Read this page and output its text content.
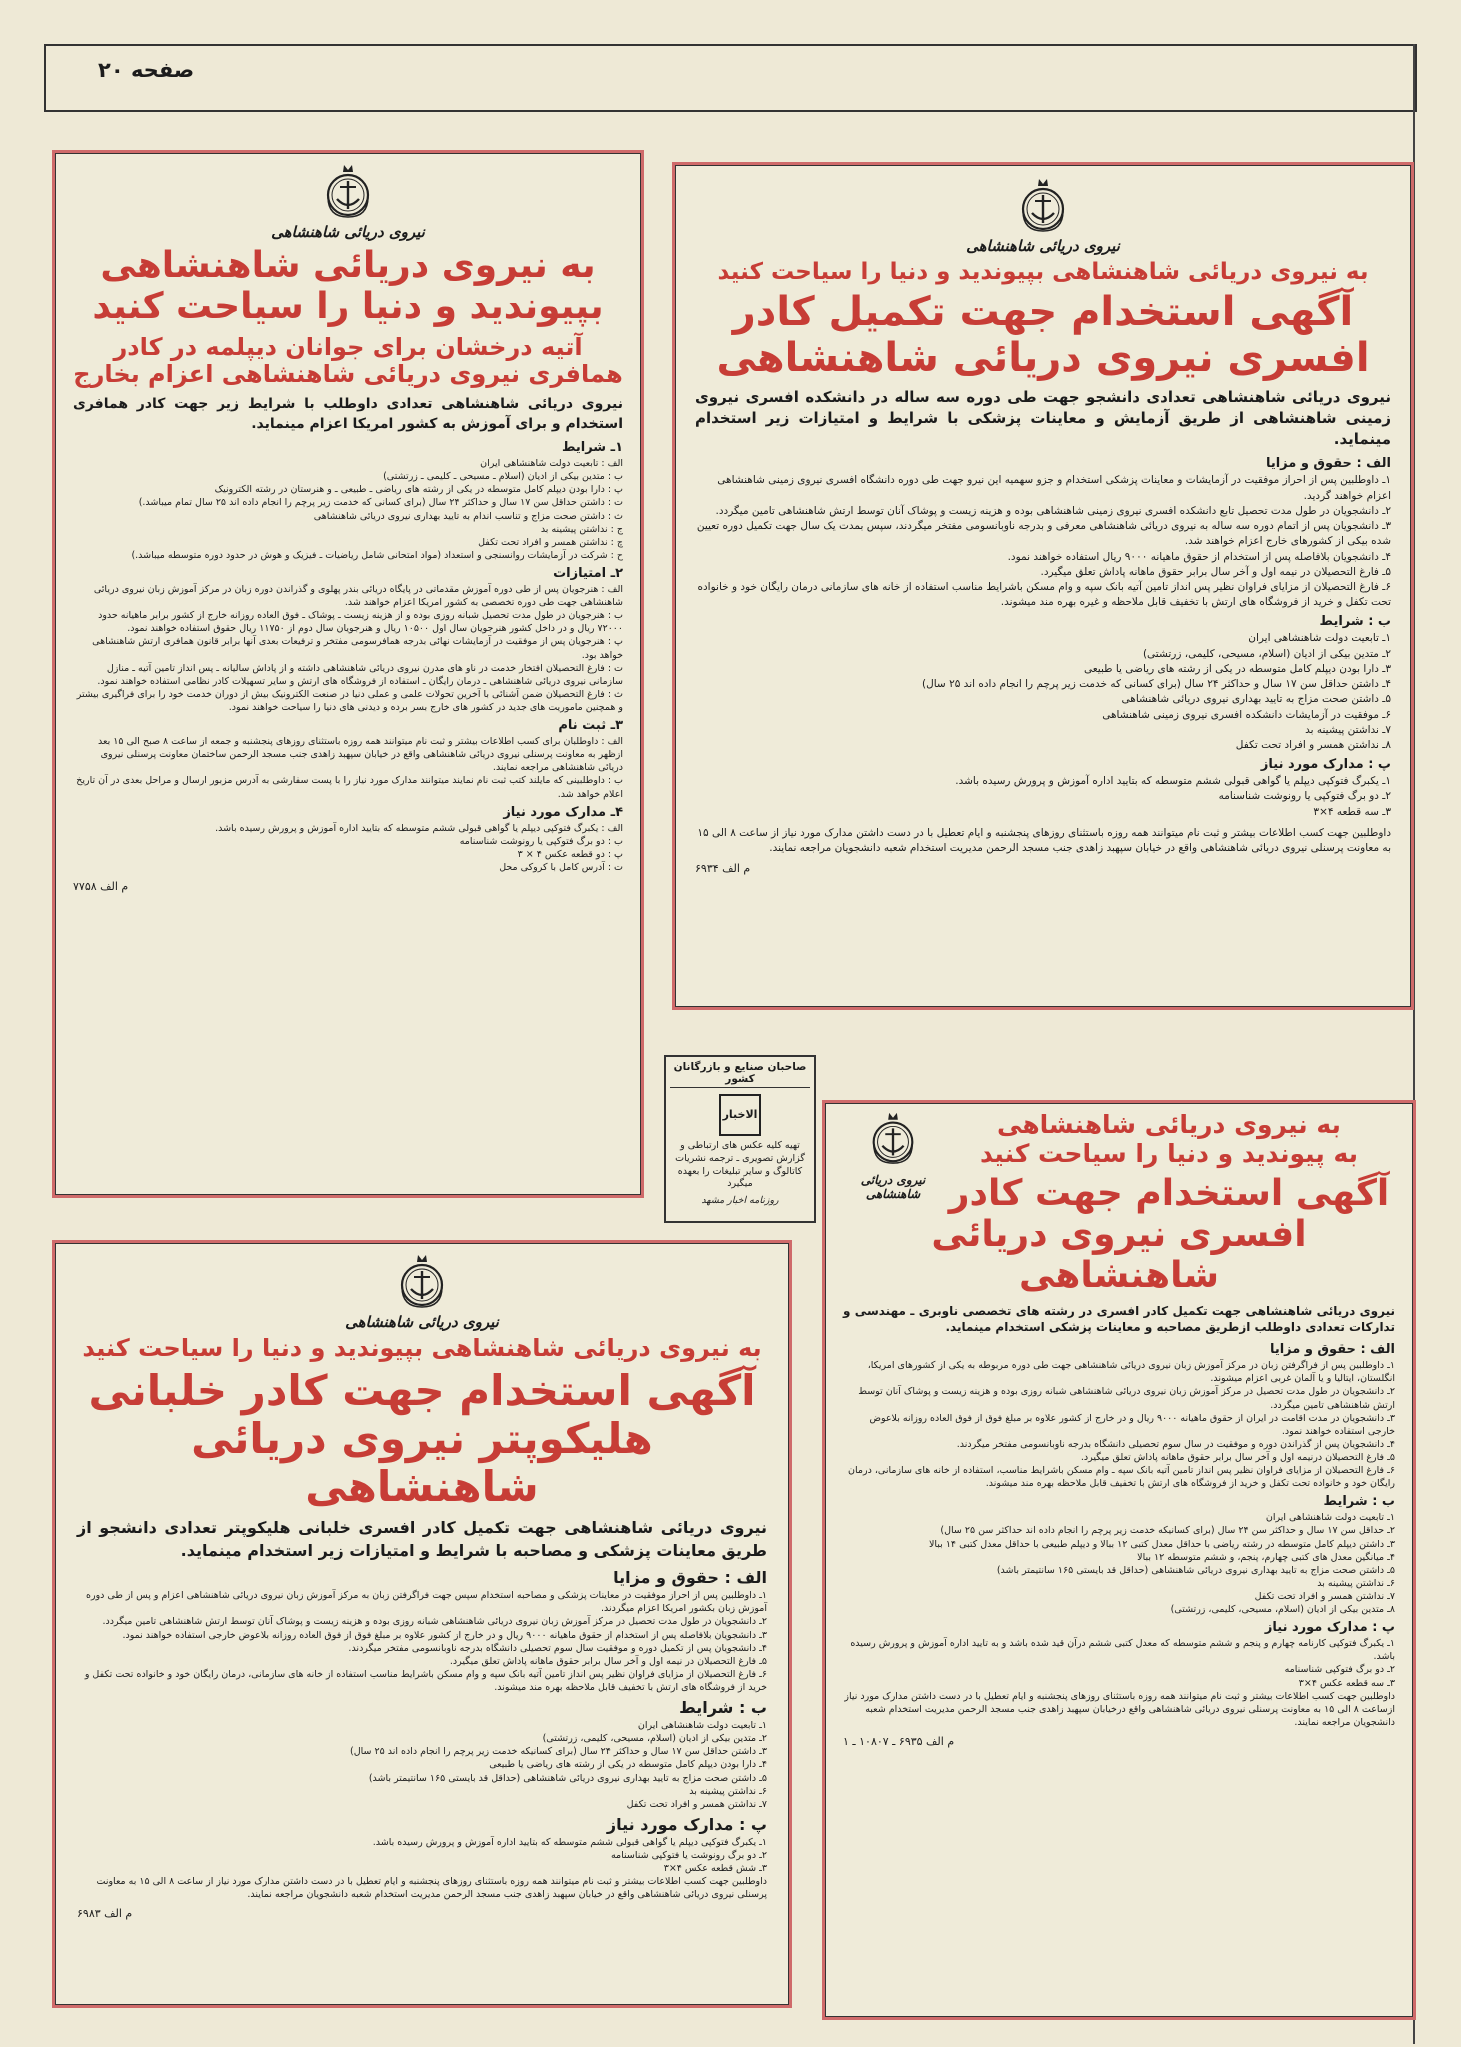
صفحه ۲۰
نیروی دریائی شاهنشاهی
به نیروی دریائی شاهنشاهی بپیوندید و دنیا را سیاحت کنید
آگهی استخدام جهت تکمیل کادر
افسری نیروی دریائی شاهنشاهی

نیروی دریائی شاهنشاهی تعدادی دانشجو جهت طی دوره سه ساله در دانشکده افسری نیروی زمینی شاهنشاهی از طریق آزمایش و معاینات پزشکی با شرایط و امتیازات زیر استخدام مینماید.

الف : حقوق و مزایا

۱ـ داوطلبین پس از احراز موفقیت در آزمایشات و معاینات پزشکی استخدام و جزو سهمیه این نیرو جهت طی دوره دانشگاه افسری نیروی زمینی شاهنشاهی اعزام خواهند گردید.

۲ـ دانشجویان در طول مدت تحصیل تابع دانشکده افسری نیروی زمینی شاهنشاهی بوده و هزینه زیست و پوشاک آنان توسط ارتش شاهنشاهی تامین میگردد.

۳ـ دانشجویان پس از اتمام دوره سه ساله به نیروی دریائی شاهنشاهی معرفی و بدرجه ناوبانسومی مفتخر میگردند، سپس بمدت یک سال جهت تکمیل دوره تعیین شده بیکی از کشورهای خارج اعزام خواهند شد.

۴ـ دانشجویان بلافاصله پس از استخدام از حقوق ماهیانه ۹۰۰۰ ریال استفاده خواهند نمود.

۵ـ فارغ التحصیلان در نیمه اول و آخر سال برابر حقوق ماهانه پاداش تعلق میگیرد.

۶ـ فارغ التحصیلان از مزایای فراوان نظیر پس انداز تامین آتیه بانک سپه و وام مسکن باشرایط مناسب استفاده از خانه های سازمانی درمان رایگان خود و خانواده تحت تکفل و خرید از فروشگاه های ارتش با تخفیف قابل ملاحظه و غیره بهره مند میشوند.

ب : شرایط

۱ـ تابعیت دولت شاهنشاهی ایران

۲ـ متدین بیکی از ادیان (اسلام، مسیحی، کلیمی، زرتشتی)

۳ـ دارا بودن دیپلم کامل متوسطه در یکی از رشته های ریاضی یا طبیعی

۴ـ داشتن حداقل سن ۱۷ سال و حداکثر ۲۴ سال (برای کسانی که خدمت زیر پرچم را انجام داده اند ۲۵ سال)

۵ـ داشتن صحت مزاج به تایید بهداری نیروی دریائی شاهنشاهی

۶ـ موفقیت در آزمایشات دانشکده افسری نیروی زمینی شاهنشاهی

۷ـ نداشتن پیشینه بد

۸ـ نداشتن همسر و افراد تحت تکفل

پ : مدارک مورد نیاز

۱ـ یکبرگ فتوکپی دیپلم یا گواهی قبولی ششم متوسطه که بتایید اداره آموزش و پرورش رسیده باشد.

۲ـ دو برگ فتوکپی یا رونوشت شناسنامه

۳ـ سه قطعه ۴×۳

داوطلبین جهت کسب اطلاعات بیشتر و ثبت نام میتوانند همه روزه باستثنای روزهای پنجشنبه و ایام تعطیل با در دست داشتن مدارک مورد نیاز از ساعت ۸ الی ۱۵ به معاونت پرسنلی نیروی دریائی شاهنشاهی واقع در خیابان سپهبد زاهدی جنب مسجد الرحمن مدیریت استخدام شعبه دانشجویان مراجعه نمایند.

م الف ۶۹۳۴
نیروی دریائی شاهنشاهی
به نیروی دریائی شاهنشاهی
بپیوندید و دنیا را سیاحت کنید
آتیه درخشان برای جوانان دیپلمه در کادر
همافری نیروی دریائی شاهنشاهی اعزام بخارج

نیروی دریائی شاهنشاهی تعدادی داوطلب با شرایط زیر جهت کادر همافری استخدام و برای آموزش به کشور امریکا اعزام مینماید.

۱ـ شرایط

الف : تابعیت دولت شاهنشاهی ایران

ب : متدین بیکی از ادیان (اسلام ـ مسیحی ـ کلیمی ـ زرتشتی)

پ : دارا بودن دیپلم کامل متوسطه در یکی از رشته های ریاضی ـ طبیعی ـ و هنرستان در رشته الکترونیک

ت : داشتن حداقل سن ۱۷ سال و حداکثر ۲۴ سال (برای کسانی که خدمت زیر پرچم را انجام داده اند ۲۵ سال تمام میباشد.)

ث : داشتن صحت مزاج و تناسب اندام به تایید بهداری نیروی دریائی شاهنشاهی

ج : نداشتن پیشینه بد

چ : نداشتن همسر و افراد تحت تکفل

ح : شرکت در آزمایشات روانسنجی و استعداد (مواد امتحانی شامل ریاضیات ـ فیزیک و هوش در حدود دوره متوسطه میباشد.)

۲ـ امتیازات

الف : هنرجویان پس از طی دوره آموزش مقدماتی در پایگاه دریائی بندر پهلوی و گذراندن دوره زبان در مرکز آموزش زبان نیروی دریائی شاهنشاهی جهت طی دوره تخصصی به کشور امریکا اعزام خواهند شد.

ب : هنرجویان در طول مدت تحصیل شبانه روزی بوده و از هزینه زیست ـ پوشاک ـ فوق العاده روزانه خارج از کشور برابر ماهیانه حدود ۷۲۰۰۰ ریال و در داخل کشور هنرجویان سال اول ۱۰۵۰۰ ریال و هنرجویان سال دوم از ۱۱۷۵۰ ریال حقوق استفاده خواهند نمود.

پ : هنرجویان پس از موفقیت در آزمایشات نهائی بدرجه همافرسومی مفتخر و ترفیعات بعدی آنها برابر قانون همافری ارتش شاهنشاهی خواهد بود.

ت : فارغ التحصیلان افتخار خدمت در ناو های مدرن نیروی دریائی شاهنشاهی داشته و از پاداش سالیانه ـ پس انداز تامین آتیه ـ منازل سازمانی نیروی دریائی شاهنشاهی ـ درمان رایگان ـ استفاده از فروشگاه های ارتش و سایر تسهیلات کادر نظامی استفاده خواهند نمود.

ث : فارغ التحصیلان ضمن آشنائی با آخرین تحولات علمی و عملی دنیا در صنعت الکترونیک بیش از دوران خدمت خود را برای فراگیری بیشتر و همچنین ماموریت های جدید در کشور های خارج بسر برده و دیدنی های دنیا را سیاحت خواهند نمود.

۳ـ ثبت نام

الف : داوطلبان برای کسب اطلاعات بیشتر و ثبت نام میتوانند همه روزه باستثنای روزهای پنجشنبه و جمعه از ساعت ۸ صبح الی ۱۵ بعد ازظهر به معاونت پرسنلی نیروی دریائی شاهنشاهی واقع در خیابان سپهبد زاهدی جنب مسجد الرحمن ساختمان معاونت پرسنلی نیروی دریائی شاهنشاهی مراجعه نمایند.

ب : داوطلبینی که مایلند کتب ثبت نام نمایند میتوانند مدارک مورد نیاز را با پست سفارشی به آدرس مزبور ارسال و مراحل بعدی در آن تاریخ اعلام خواهد شد.

۴ـ مدارک مورد نیاز

الف : یکبرگ فتوکپی دیپلم یا گواهی قبولی ششم متوسطه که بتایید اداره آموزش و پرورش رسیده باشد.

ب : دو برگ فتوکپی یا رونوشت شناسنامه

پ : دو قطعه عکس ۴ × ۳

ت : آدرس کامل با کروکی محل

م الف ۷۷۵۸
صاحبان صنایع و بازرگانان کشور
الاخبار
تهیه کلیه عکس های ارتباطی و گزارش تصویری ـ ترجمه نشریات کاتالوگ و سایر تبلیغات را بعهده میگیرد
روزنامه اخبار مشهد
نیروی دریائی شاهنشاهی
به نیروی دریائی شاهنشاهی بپیوندید و دنیا را سیاحت کنید
آگهی استخدام جهت کادر خلبانی
هلیکوپتر نیروی دریائی شاهنشاهی

نیروی دریائی شاهنشاهی جهت تکمیل کادر افسری خلبانی هلیکوپتر تعدادی دانشجو از طریق معاینات پزشکی و مصاحبه با شرایط و امتیازات زیر استخدام مینماید.

الف : حقوق و مزایا

۱ـ داوطلبین پس از احراز موفقیت در معاینات پزشکی و مصاحبه استخدام سپس جهت فراگرفتن زبان به مرکز آموزش زبان نیروی دریائی شاهنشاهی اعزام و پس از طی دوره آموزش زبان بکشور امریکا اعزام میگردند.

۲ـ دانشجویان در طول مدت تحصیل در مرکز آموزش زبان نیروی دریائی شاهنشاهی شبانه روزی بوده و هزینه زیست و پوشاک آنان توسط ارتش شاهنشاهی تامین میگردد.

۳ـ دانشجویان بلافاصله پس از استخدام از حقوق ماهیانه ۹۰۰۰ ریال و در خارج از کشور علاوه بر مبلغ فوق از فوق العاده روزانه بلاعوض خارجی استفاده خواهند نمود.

۴ـ دانشجویان پس از تکمیل دوره و موفقیت سال سوم تحصیلی دانشگاه بدرجه ناوبانسومی مفتخر میگردند.

۵ـ فارغ التحصیلان در نیمه اول و آخر سال برابر حقوق ماهانه پاداش تعلق میگیرد.

۶ـ فارغ التحصیلان از مزایای فراوان نظیر پس انداز تامین آتیه بانک سپه و وام مسکن باشرایط مناسب استفاده از خانه های سازمانی، درمان رایگان خود و خانواده تحت تکفل و خرید از فروشگاه های ارتش با تخفیف قابل ملاحظه بهره مند میشوند.

ب : شرایط

۱ـ تابعیت دولت شاهنشاهی ایران

۲ـ متدین بیکی از ادیان (اسلام، مسیحی، کلیمی، زرتشتی)

۳ـ داشتن حداقل سن ۱۷ سال و حداکثر ۲۴ سال (برای کسانیکه خدمت زیر پرچم را انجام داده اند ۲۵ سال)

۴ـ دارا بودن دیپلم کامل متوسطه در یکی از رشته های ریاضی یا طبیعی

۵ـ داشتن صحت مزاج به تایید بهداری نیروی دریائی شاهنشاهی (حداقل قد بایستی ۱۶۵ سانتیمتر باشد)

۶ـ نداشتن پیشینه بد

۷ـ نداشتن همسر و افراد تحت تکفل

پ : مدارک مورد نیاز

۱ـ یکبرگ فتوکپی دیپلم یا گواهی قبولی ششم متوسطه که بتایید اداره آموزش و پرورش رسیده باشد.

۲ـ دو برگ رونوشت یا فتوکپی شناسنامه

۳ـ شش قطعه عکس ۴×۳

داوطلبین جهت کسب اطلاعات بیشتر و ثبت نام میتوانند همه روزه باستثنای روزهای پنجشنبه و ایام تعطیل با در دست داشتن مدارک مورد نیاز از ساعت ۸ الی ۱۵ به معاونت پرسنلی نیروی دریائی شاهنشاهی واقع در خیابان سپهبد زاهدی جنب مسجد الرحمن مدیریت استخدام شعبه دانشجویان مراجعه نمایند.

م الف ۶۹۸۳
به نیروی دریائی شاهنشاهی
به پیوندید و دنیا را سیاحت کنید
آگهی استخدام جهت کادر
نیروی دریائی شاهنشاهی
افسری نیروی دریائی شاهنشاهی

نیروی دریائی شاهنشاهی جهت تکمیل کادر افسری در رشته های تخصصی ناوبری ـ مهندسی و تدارکات تعدادی داوطلب ازطریق مصاحبه و معاینات پزشکی استخدام مینماید.

الف : حقوق و مزایا

۱ـ داوطلبین پس از فراگرفتن زبان در مرکز آموزش زبان نیروی دریائی شاهنشاهی جهت طی دوره مربوطه به یکی از کشورهای امریکا، انگلستان، ایتالیا و یا آلمان غربی اعزام میشوند.

۲ـ دانشجویان در طول مدت تحصیل در مرکز آموزش زبان نیروی دریائی شاهنشاهی شبانه روزی بوده و هزینه زیست و پوشاک آنان توسط ارتش شاهنشاهی تامین میگردد.

۳ـ دانشجویان در مدت اقامت در ایران از حقوق ماهیانه ۹۰۰۰ ریال و در خارج از کشور علاوه بر مبلغ فوق از فوق العاده روزانه بلاعوض خارجی استفاده خواهند نمود.

۴ـ دانشجویان پس از گذراندن دوره و موفقیت در سال سوم تحصیلی دانشگاه بدرجه ناوبانسومی مفتخر میگردند.

۵ـ فارغ التحصیلان درنیمه اول و آخر سال برابر حقوق ماهانه پاداش تعلق میگیرد.

۶ـ فارغ التحصیلان از مزایای فراوان نظیر پس انداز تامین آتیه بانک سپه ـ وام مسکن باشرایط مناسب، استفاده از خانه های سازمانی، درمان رایگان خود و خانواده تحت تکفل و خرید از فروشگاه های ارتش با تخفیف قابل ملاحظه بهره مند میشوند.

ب : شرایط

۱ـ تابعیت دولت شاهنشاهی ایران

۲ـ حداقل سن ۱۷ سال و حداکثر سن ۲۴ سال (برای کسانیکه خدمت زیر پرچم را انجام داده اند حداکثر سن ۲۵ سال)

۳ـ داشتن دیپلم کامل متوسطه در رشته ریاضی با حداقل معدل کتبی ۱۲ ببالا و دیپلم طبیعی با حداقل معدل کتبی ۱۴ ببالا

۴ـ میانگین معدل های کتبی چهارم، پنجم، و ششم متوسطه ۱۲ ببالا

۵ـ داشتن صحت مزاج به تایید بهداری نیروی دریائی شاهنشاهی (حداقل قد بایستی ۱۶۵ سانتیمتر باشد)

۶ـ نداشتن پیشینه بد

۷ـ نداشتن همسر و افراد تحت تکفل

۸ـ متدین بیکی از ادیان (اسلام، مسیحی، کلیمی، زرتشتی)

پ : مدارک مورد نیاز

۱ـ یکبرگ فتوکپی کارنامه چهارم و پنجم و ششم متوسطه که معدل کتبی ششم درآن قید شده باشد و به تایید اداره آموزش و پرورش رسیده باشد.

۲ـ دو برگ فتوکپی شناسنامه

۳ـ سه قطعه عکس ۴×۳

داوطلبین جهت کسب اطلاعات بیشتر و ثبت نام میتوانند همه روزه باستثنای روزهای پنجشنبه و ایام تعطیل با در دست داشتن مدارک مورد نیاز ازساعت ۸ الی ۱۵ به معاونت پرسنلی نیروی دریائی شاهنشاهی واقع درخیابان سپهبد زاهدی جنب مسجد الرحمن مدیریت استخدام شعبه دانشجویان مراجعه نمایند.

م الف ۶۹۳۵ ـ ۱۰۸۰۷ ـ ۱
